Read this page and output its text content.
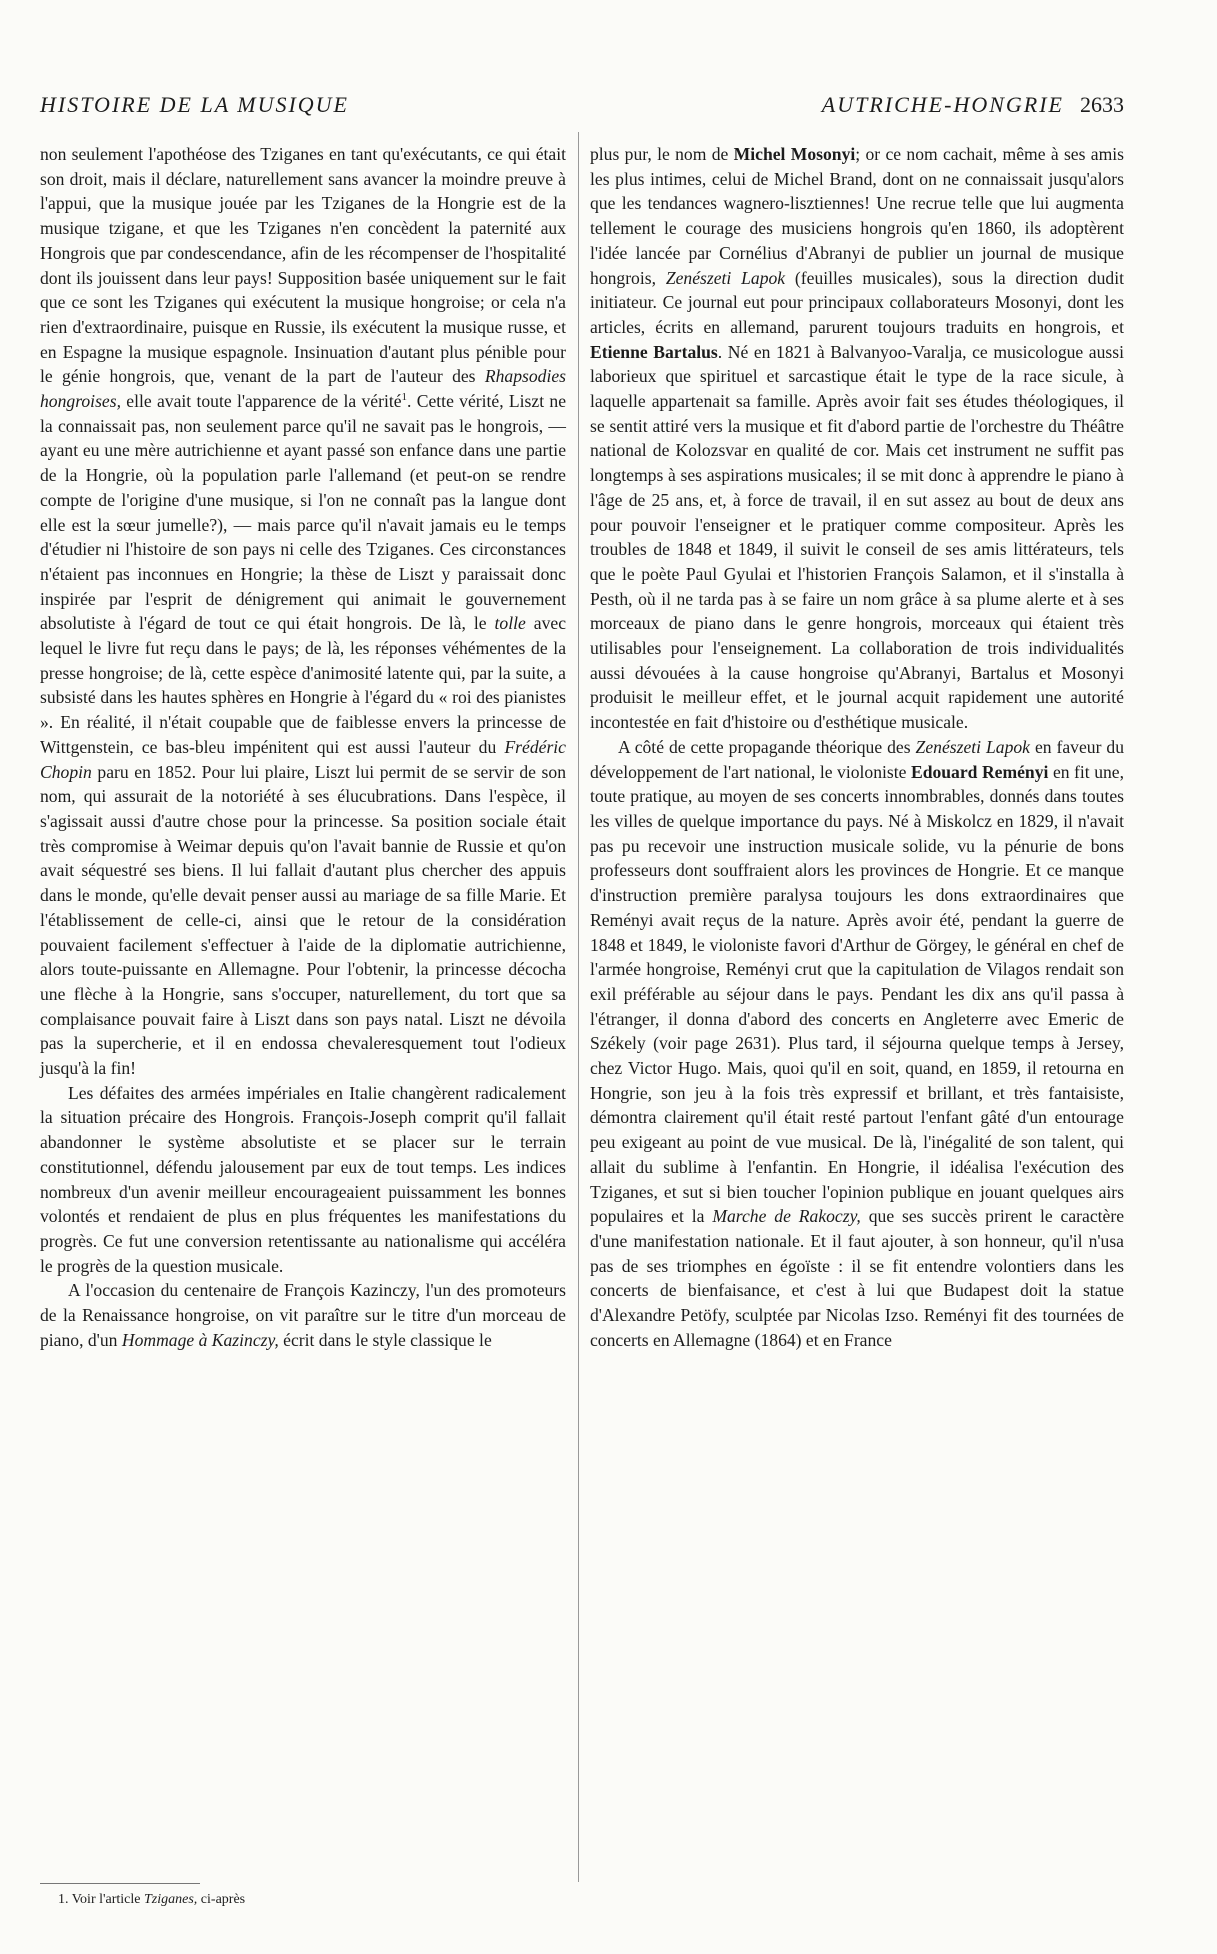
HISTOIRE DE LA MUSIQUE	AUTRICHE-HONGRIE 2633

non seulement l'apothéose des Tziganes en tant qu'exécutants, ce qui était son droit, mais il déclare, naturellement sans avancer la moindre preuve à l'appui, que la musique jouée par les Tziganes de la Hongrie est de la musique tzigane, et que les Tziganes n'en concèdent la paternité aux Hongrois que par condescendance, afin de les récompenser de l'hospitalité dont ils jouissent dans leur pays! Supposition basée uniquement sur le fait que ce sont les Tziganes qui exécutent la musique hongroise; or cela n'a rien d'extraordinaire, puisque en Russie, ils exécutent la musique russe, et en Espagne la musique espagnole. Insinuation d'autant plus pénible pour le génie hongrois, que, venant de la part de l'auteur des Rhapsodies hongroises, elle avait toute l'apparence de la vérité$^1$. Cette vérité, Liszt ne la connaissait pas, non seulement parce qu'il ne savait pas le hongrois, — ayant eu une mère autrichienne et ayant passé son enfance dans une partie de la Hongrie, où la population parle l'allemand (et peut-on se rendre compte de l'origine d'une musique, si l'on ne connaît pas la langue dont elle est la sœur jumelle?), — mais parce qu'il n'avait jamais eu le temps d'étudier ni l'histoire de son pays ni celle des Tziganes. Ces circonstances n'étaient pas inconnues en Hongrie; la thèse de Liszt y paraissait donc inspirée par l'esprit de dénigrement qui animait le gouvernement absolutiste à l'égard de tout ce qui était hongrois. De là, le tolle avec lequel le livre fut reçu dans le pays; de là, les réponses véhémentes de la presse hongroise; de là, cette espèce d'animosité latente qui, par la suite, a subsisté dans les hautes sphères en Hongrie à l'égard du « roi des pianistes ». En réalité, il n'était coupable que de faiblesse envers la princesse de Wittgenstein, ce bas-bleu impénitent qui est aussi l'auteur du Frédéric Chopin paru en 1852. Pour lui plaire, Liszt lui permit de se servir de son nom, qui assurait de la notoriété à ses élucubrations. Dans l'espèce, il s'agissait aussi d'autre chose pour la princesse. Sa position sociale était très compromise à Weimar depuis qu'on l'avait bannie de Russie et qu'on avait séquestré ses biens. Il lui fallait d'autant plus chercher des appuis dans le monde, qu'elle devait penser aussi au mariage de sa fille Marie. Et l'établissement de celle-ci, ainsi que le retour de la considération pouvaient facilement s'effectuer à l'aide de la diplomatie autrichienne, alors toute-puissante en Allemagne. Pour l'obtenir, la princesse décocha une flèche à la Hongrie, sans s'occuper, naturellement, du tort que sa complaisance pouvait faire à Liszt dans son pays natal. Liszt ne dévoila pas la supercherie, et il en endossa chevaleresquement tout l'odieux jusqu'à la fin!

Les défaites des armées impériales en Italie changèrent radicalement la situation précaire des Hongrois. François-Joseph comprit qu'il fallait abandonner le système absolutiste et se placer sur le terrain constitutionnel, défendu jalousement par eux de tout temps. Les indices nombreux d'un avenir meilleur encourageaient puissamment les bonnes volontés et rendaient de plus en plus fréquentes les manifestations du progrès. Ce fut une conversion retentissante au nationalisme qui accéléra le progrès de la question musicale.

A l'occasion du centenaire de François Kazinczy, l'un des promoteurs de la Renaissance hongroise, on vit paraître sur le titre d'un morceau de piano, d'un Hommage à Kazinczy, écrit dans le style classique le

plus pur, le nom de Michel Mosonyi; or ce nom cachait, même à ses amis les plus intimes, celui de Michel Brand, dont on ne connaissait jusqu'alors que les tendances wagnero-lisztiennes! Une recrue telle que lui augmenta tellement le courage des musiciens hongrois qu'en 1860, ils adoptèrent l'idée lancée par Cornélius d'Abranyi de publier un journal de musique hongrois, Zenészeti Lapok (feuilles musicales), sous la direction dudit initiateur. Ce journal eut pour principaux collaborateurs Mosonyi, dont les articles, écrits en allemand, parurent toujours traduits en hongrois, et Etienne Bartalus. Né en 1821 à Balvanyoo-Varalja, ce musicologue aussi laborieux que spirituel et sarcastique était le type de la race sicule, à laquelle appartenait sa famille. Après avoir fait ses études théologiques, il se sentit attiré vers la musique et fit d'abord partie de l'orchestre du Théâtre national de Kolozsvar en qualité de cor. Mais cet instrument ne suffit pas longtemps à ses aspirations musicales; il se mit donc à apprendre le piano à l'âge de 25 ans, et, à force de travail, il en sut assez au bout de deux ans pour pouvoir l'enseigner et le pratiquer comme compositeur. Après les troubles de 1848 et 1849, il suivit le conseil de ses amis littérateurs, tels que le poète Paul Gyulai et l'historien François Salamon, et il s'installa à Pesth, où il ne tarda pas à se faire un nom grâce à sa plume alerte et à ses morceaux de piano dans le genre hongrois, morceaux qui étaient très utilisables pour l'enseignement. La collaboration de trois individualités aussi dévouées à la cause hongroise qu'Abranyi, Bartalus et Mosonyi produisit le meilleur effet, et le journal acquit rapidement une autorité incontestée en fait d'histoire ou d'esthétique musicale.

A côté de cette propagande théorique des Zenészeti Lapok en faveur du développement de l'art national, le violoniste Edouard Reményi en fit une, toute pratique, au moyen de ses concerts innombrables, donnés dans toutes les villes de quelque importance du pays. Né à Miskolcz en 1829, il n'avait pas pu recevoir une instruction musicale solide, vu la pénurie de bons professeurs dont souffraient alors les provinces de Hongrie. Et ce manque d'instruction première paralysa toujours les dons extraordinaires que Reményi avait reçus de la nature. Après avoir été, pendant la guerre de 1848 et 1849, le violoniste favori d'Arthur de Görgey, le général en chef de l'armée hongroise, Reményi crut que la capitulation de Vilagos rendait son exil préférable au séjour dans le pays. Pendant les dix ans qu'il passa à l'étranger, il donna d'abord des concerts en Angleterre avec Emeric de Székely (voir page 2631). Plus tard, il séjourna quelque temps à Jersey, chez Victor Hugo. Mais, quoi qu'il en soit, quand, en 1859, il retourna en Hongrie, son jeu à la fois très expressif et brillant, et très fantaisiste, démontra clairement qu'il était resté partout l'enfant gâté d'un entourage peu exigeant au point de vue musical. De là, l'inégalité de son talent, qui allait du sublime à l'enfantin. En Hongrie, il idéalisa l'exécution des Tziganes, et sut si bien toucher l'opinion publique en jouant quelques airs populaires et la Marche de Rakoczy, que ses succès prirent le caractère d'une manifestation nationale. Et il faut ajouter, à son honneur, qu'il n'usa pas de ses triomphes en égoïste : il se fit entendre volontiers dans les concerts de bienfaisance, et c'est à lui que Budapest doit la statue d'Alexandre Petöfy, sculptée par Nicolas Izso. Reményi fit des tournées de concerts en Allemagne (1864) et en France

1. Voir l'article Tziganes, ci-après
